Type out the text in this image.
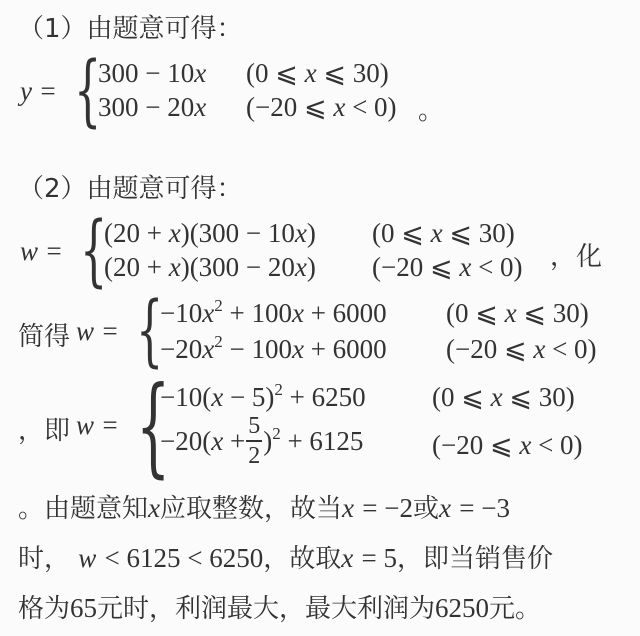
（1）由题意可得：
y = {
300 − 10x (0 ⩽ x ⩽ 30)
300 − 20x (−20 ⩽ x < 0) 。
（2）由题意可得：
w = {
(20 + x)(300 − 10x) (0 ⩽ x ⩽ 30)
(20 + x)(300 − 20x) (−20 ⩽ x < 0) ，化
简得 w = {
$-10x^2 + 100x + 6000$ (0 ⩽ x ⩽ 30)
$-20x^2 - 100x + 6000$ (−20 ⩽ x < 0)
，即 w = {
$-10(x - 5)^2 + 6250$ (0 ⩽ x ⩽ 30)
$-20(x + \frac{5}{2} )^2 + 6125$	(−20 ⩽ x < 0)
。由题意知x应取整数，故当x = −2或x = −3
时， w < 6125 < 6250，故取x = 5，即当销售价
格为65元时，利润最大，最大利润为6250元。
